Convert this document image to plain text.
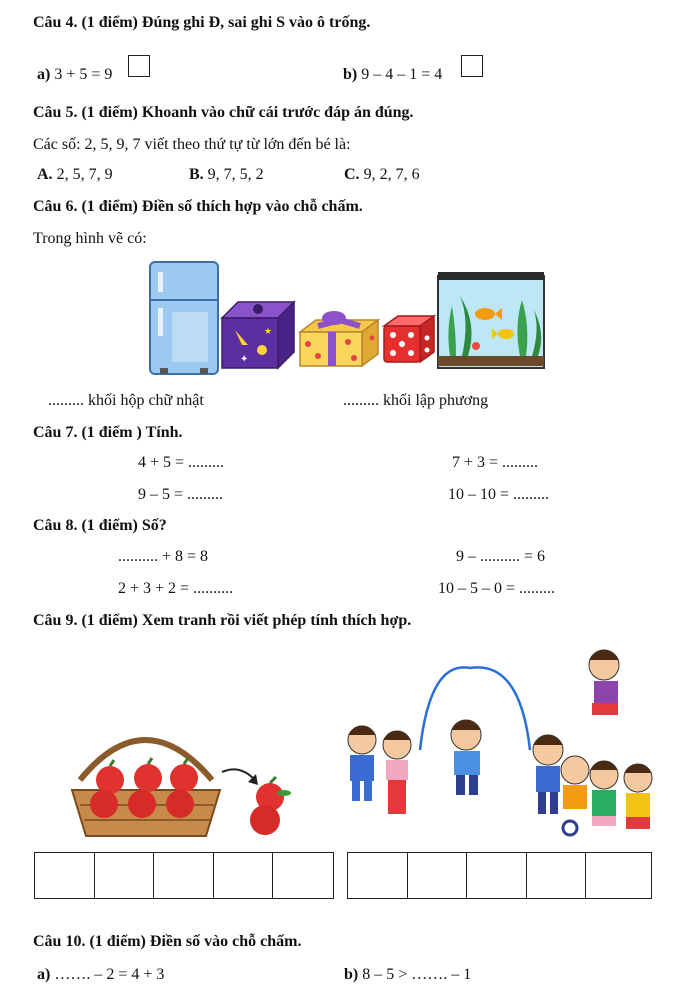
Câu 4. (1 điểm) Đúng ghi Đ, sai ghi S vào ô trống.
a) 3 + 5 = 9	b) 9 – 4 – 1 = 4
Câu 5. (1 điểm) Khoanh vào chữ cái trước đáp án đúng.
Các số: 2, 5, 9, 7 viết theo thứ tự từ lớn đến bé là:
A. 2, 5, 7, 9	B. 9, 7, 5, 2	C. 9, 2, 7, 6
Câu 6. (1 điểm) Điền số thích hợp vào chỗ chấm.
Trong hình vẽ có:
✦
★
......... khối hộp chữ nhật	......... khối lập phương
Câu 7. (1 điểm ) Tính.
4 + 5 = .........	7 + 3 = .........
9 – 5 = .........	10 – 10 = .........
Câu 8. (1 điểm) Số?
.......... + 8 = 8	9 – .......... = 6
2 + 3 + 2 = ..........	10 – 5 – 0 = .........
Câu 9. (1 điểm) Xem tranh rồi viết phép tính thích hợp.
Câu 10. (1 điểm) Điền số vào chỗ chấm.
a) ……. – 2 = 4 + 3	b) 8 – 5 > ……. – 1
